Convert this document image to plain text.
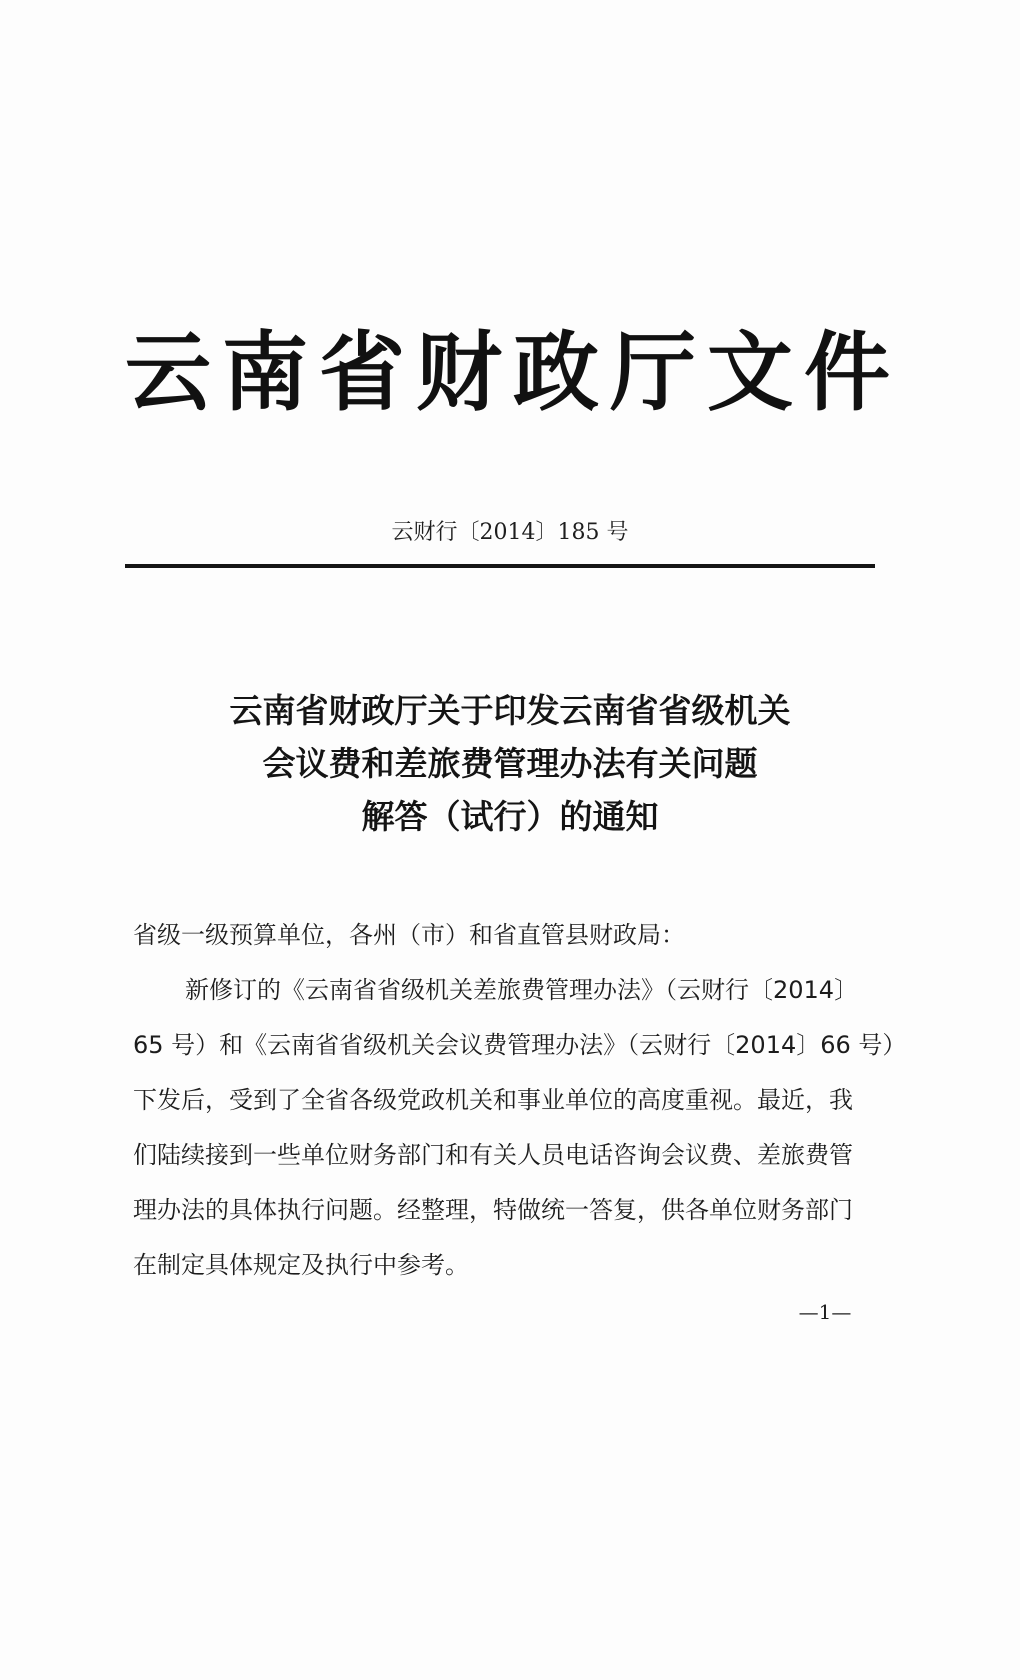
云南省财政厅文件
云财行〔2014〕185 号
云南省财政厅关于印发云南省省级机关
会议费和差旅费管理办法有关问题
解答（试行）的通知
省级一级预算单位，各州（市）和省直管县财政局：
新修订的《云南省省级机关差旅费管理办法》（云财行〔2014〕
65 号）和《云南省省级机关会议费管理办法》（云财行〔2014〕66 号）
下发后，受到了全省各级党政机关和事业单位的高度重视。最近，我
们陆续接到一些单位财务部门和有关人员电话咨询会议费、差旅费管
理办法的具体执行问题。经整理，特做统一答复，供各单位财务部门
在制定具体规定及执行中参考。
—1—
